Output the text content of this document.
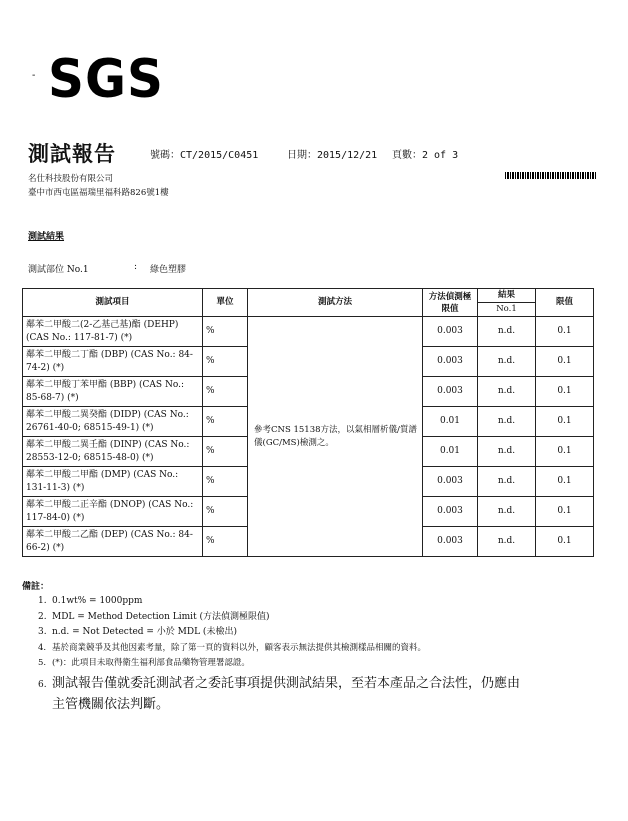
- SGS
測試報告	號碼：CT/2015/C0451	日期：2015/12/21 頁數：2 of 3
名仕科技股份有限公司
臺中市西屯區福瑞里福科路826號1樓
測試結果
測試部位 No.1	: 綠色塑膠
測試項目	單位	測試方法	方法偵測極限值	結果	限值
				No.1	
鄰苯二甲酸二(2-乙基己基)酯 (DEHP) (CAS No.: 117-81-7) (*)	%	參考CNS 15138方法，以氣相層析儀/質譜儀(GC/MS)檢測之。	0.003	n.d.	0.1
鄰苯二甲酸二丁酯 (DBP) (CAS No.: 84-74-2) (*)	%		0.003	n.d.	0.1
鄰苯二甲酸丁苯甲酯 (BBP) (CAS No.: 85-68-7) (*)	%		0.003	n.d.	0.1
鄰苯二甲酸二異癸酯 (DIDP) (CAS No.: 26761-40-0; 68515-49-1) (*)	%		0.01	n.d.	0.1
鄰苯二甲酸二異壬酯 (DINP) (CAS No.: 28553-12-0; 68515-48-0) (*)	%		0.01	n.d.	0.1
鄰苯二甲酸二甲酯 (DMP) (CAS No.: 131-11-3) (*)	%		0.003	n.d.	0.1
鄰苯二甲酸二正辛酯 (DNOP) (CAS No.: 117-84-0) (*)	%		0.003	n.d.	0.1
鄰苯二甲酸二乙酯 (DEP) (CAS No.: 84-66-2) (*)	%		0.003	n.d.	0.1
備註：
1. 0.1wt% = 1000ppm
2. MDL = Method Detection Limit (方法偵測極限值)
3. n.d. = Not Detected = 小於 MDL (未檢出)
4. 基於商業競爭及其他因素考量，除了第一頁的資料以外，顧客表示無法提供其檢測樣品相關的資料。
5. (*)：此項目未取得衛生福利部食品藥物管理署認證。
6. 測試報告僅就委託測試者之委託事項提供測試結果，至若本產品之合法性，仍應由
主管機關依法判斷。
